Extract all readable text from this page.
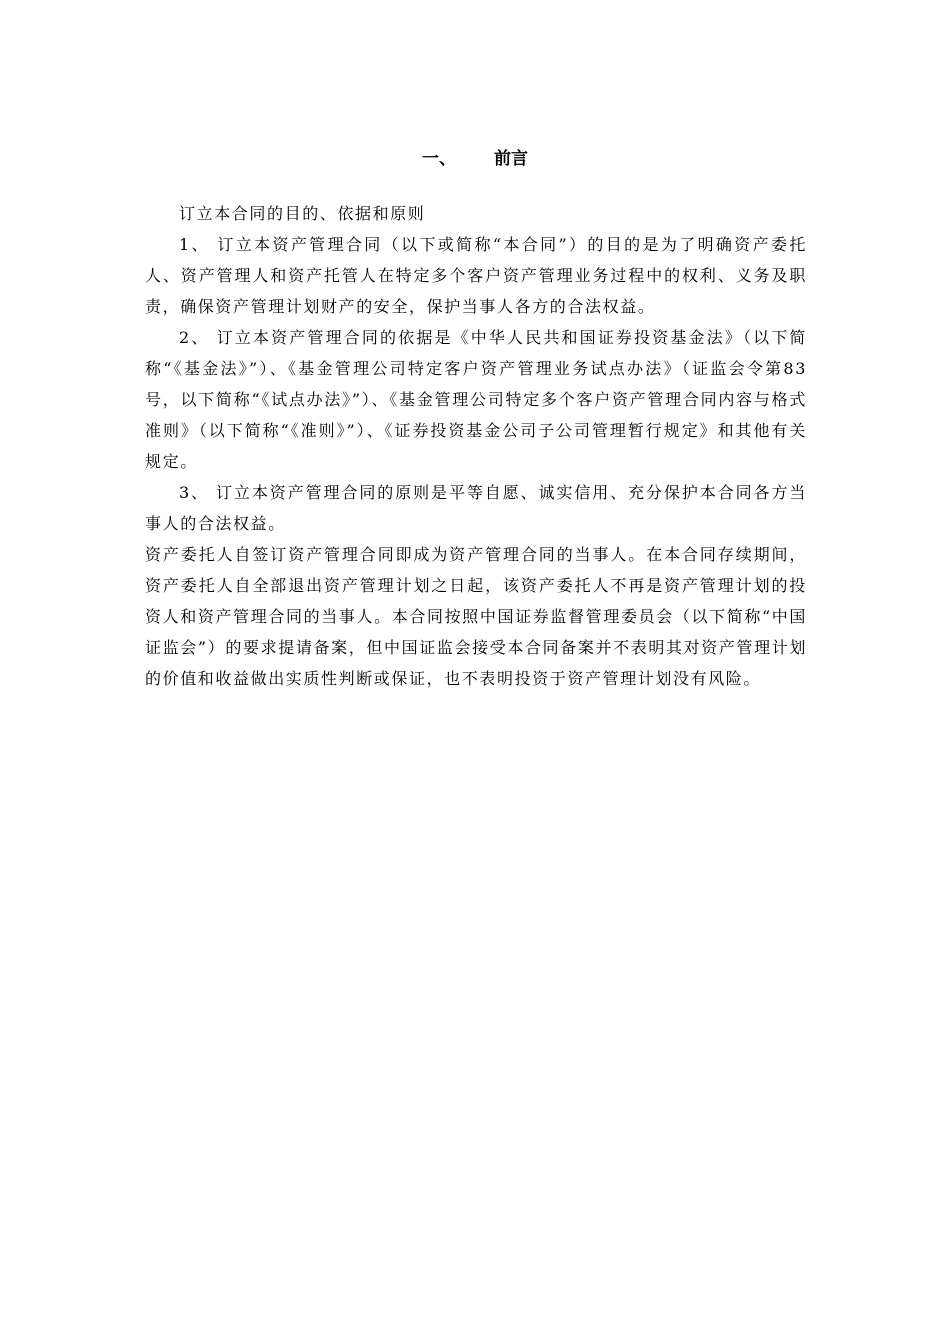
一、 前言

订立本合同的目的、依据和原则

1、 订立本资产管理合同（以下或简称“本合同”）的目的是为了明确资产委托人、资产管理人和资产托管人在特定多个客户资产管理业务过程中的权利、义务及职责，确保资产管理计划财产的安全，保护当事人各方的合法权益。

2、 订立本资产管理合同的依据是《中华人民共和国证券投资基金法》（以下简称“《基金法》”）、《基金管理公司特定客户资产管理业务试点办法》（证监会令第83号，以下简称“《试点办法》”）、《基金管理公司特定多个客户资产管理合同内容与格式准则》（以下简称“《准则》”）、《证券投资基金公司子公司管理暂行规定》和其他有关规定。

3、 订立本资产管理合同的原则是平等自愿、诚实信用、充分保护本合同各方当事人的合法权益。

资产委托人自签订资产管理合同即成为资产管理合同的当事人。在本合同存续期间，资产委托人自全部退出资产管理计划之日起，该资产委托人不再是资产管理计划的投资人和资产管理合同的当事人。本合同按照中国证券监督管理委员会（以下简称“中国证监会”）的要求提请备案，但中国证监会接受本合同备案并不表明其对资产管理计划的价值和收益做出实质性判断或保证，也不表明投资于资产管理计划没有风险。
